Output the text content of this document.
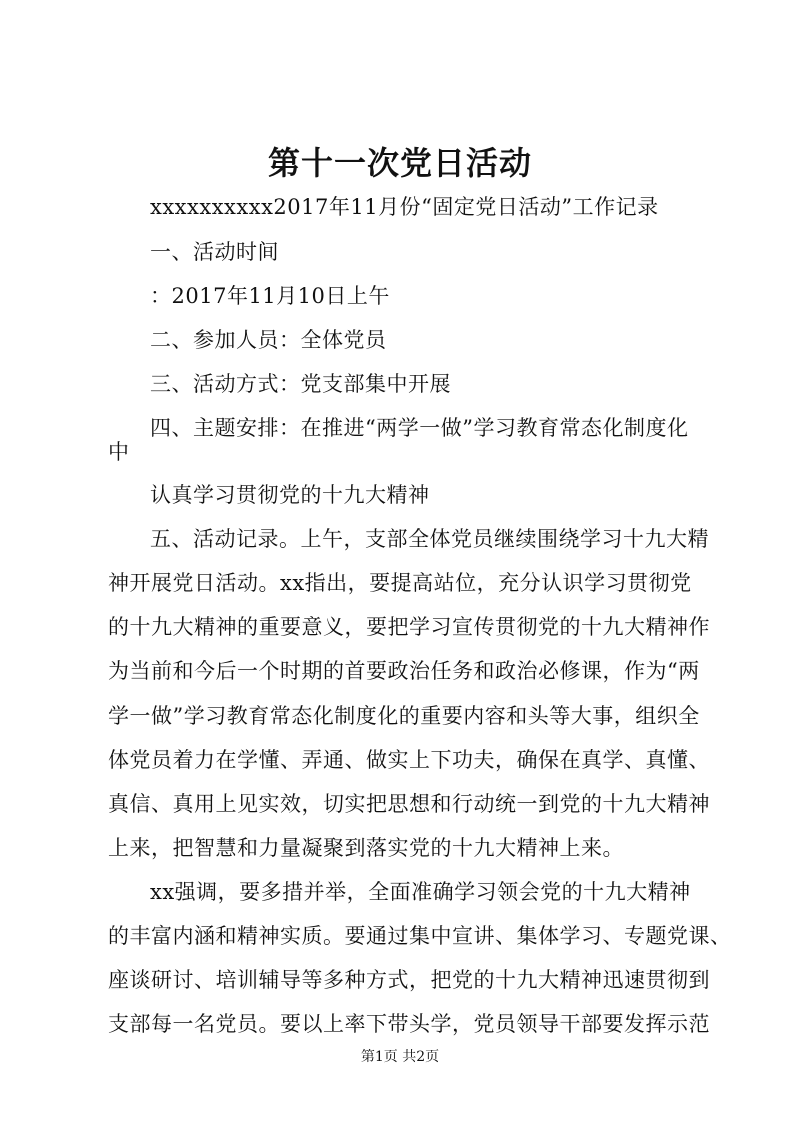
第十一次党日活动
xxxxxxxxxx2017年11月份“固定党日活动”工作记录
一、活动时间
：2017年11月10日上午
二、参加人员：全体党员
三、活动方式：党支部集中开展
四、主题安排：在推进“两学一做”学习教育常态化制度化
中
认真学习贯彻党的十九大精神
五、活动记录。上午，支部全体党员继续围绕学习十九大精
神开展党日活动。xx指出，要提高站位，充分认识学习贯彻党
的十九大精神的重要意义，要把学习宣传贯彻党的十九大精神作
为当前和今后一个时期的首要政治任务和政治必修课，作为“两
学一做”学习教育常态化制度化的重要内容和头等大事，组织全
体党员着力在学懂、弄通、做实上下功夫，确保在真学、真懂、
真信、真用上见实效，切实把思想和行动统一到党的十九大精神
上来，把智慧和力量凝聚到落实党的十九大精神上来。
xx强调，要多措并举，全面准确学习领会党的十九大精神
的丰富内涵和精神实质。要通过集中宣讲、集体学习、专题党课、
座谈研讨、培训辅导等多种方式，把党的十九大精神迅速贯彻到
支部每一名党员。要以上率下带头学，党员领导干部要发挥示范
第1页 共2页
